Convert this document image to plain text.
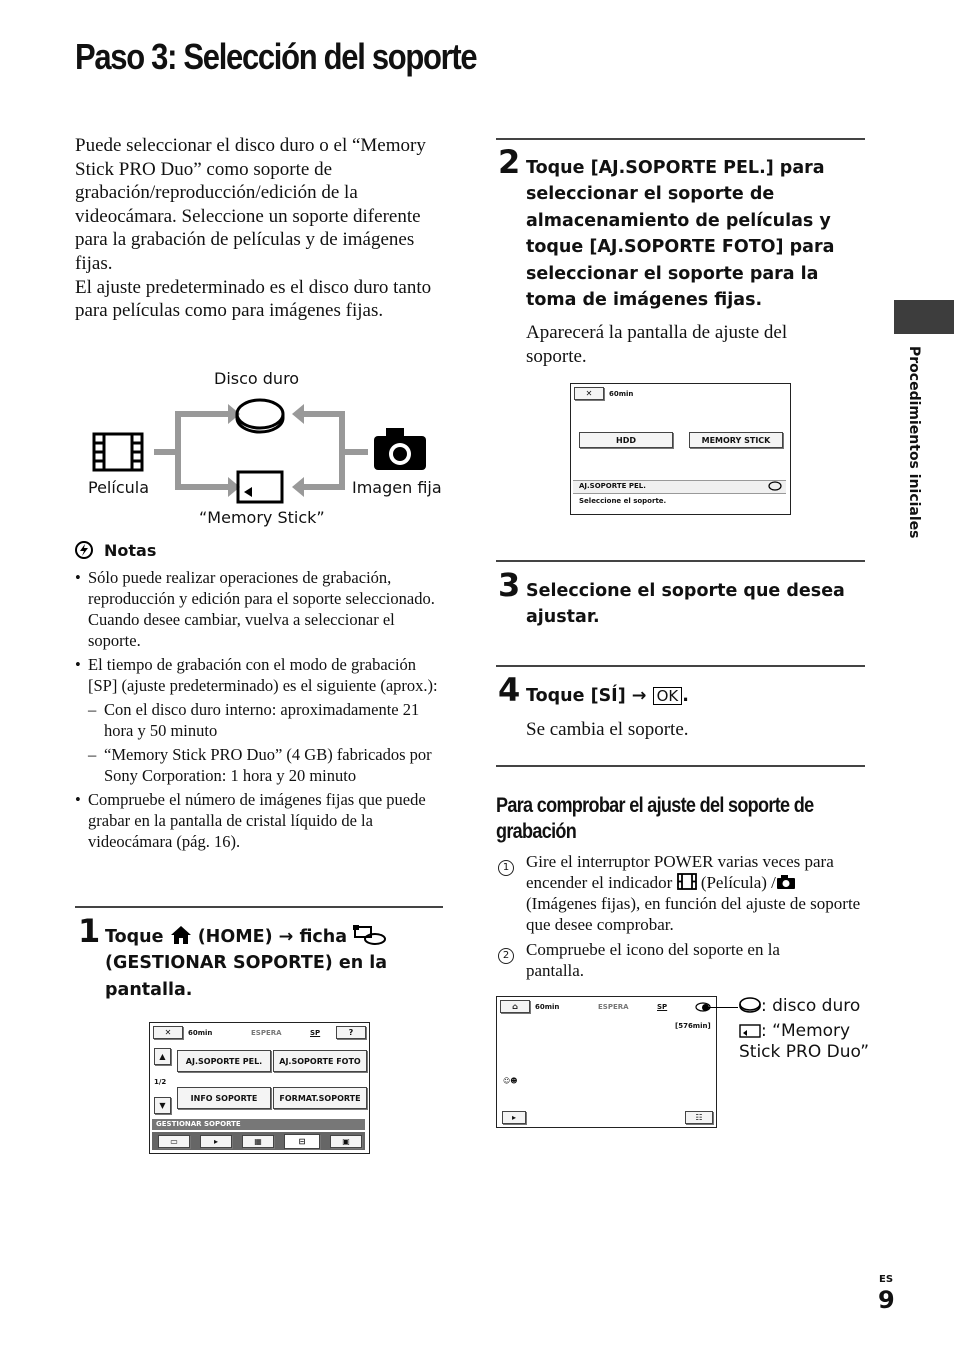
Paso 3: Selección del soporte

Puede seleccionar el disco duro o el “Memory Stick PRO Duo” como soporte de grabación/reproducción/edición de la videocámara. Seleccione un soporte diferente para la grabación de películas y de imágenes fijas.

El ajuste predeterminado es el disco duro tanto para películas como para imágenes fijas.

Disco duro
Película	Imagen fija
“Memory Stick”
Notas
• Sólo puede realizar operaciones de grabación, reproducción y edición para el soporte seleccionado. Cuando desee cambiar, vuelva a seleccionar el soporte.
• El tiempo de grabación con el modo de grabación [SP] (ajuste predeterminado) es el siguiente (aprox.):
– Con el disco duro interno: aproximadamente 21 hora y 50 minuto
– “Memory Stick PRO Duo” (4 GB) fabricados por Sony Corporation: 1 hora y 20 minuto
• Compruebe el número de imágenes fijas que puede grabar en la pantalla de cristal líquido de la videocámara (pág. 16).
1 Toque (HOME) → ficha  (GESTIONAR SOPORTE) en la pantalla.
✕ 60min	ESPERA	SP	?
▲
1/2
▼
AJ.SOPORTE PEL.	AJ.SOPORTE FOTO
INFO SOPORTE	FORMAT.SOPORTE
GESTIONAR SOPORTE
▭	▸	▦	⊟	▣
2 Toque [AJ.SOPORTE PEL.] para seleccionar el soporte de almacenamiento de películas y toque [AJ.SOPORTE FOTO] para seleccionar el soporte para la toma de imágenes fijas.
Aparecerá la pantalla de ajuste del soporte.
✕ 60min
HDD	MEMORY STICK
AJ.SOPORTE PEL.
Seleccione el soporte.
3 Seleccione el soporte que desea ajustar.
4 Toque [SÍ] → OK .
Se cambia el soporte.
Para comprobar el ajuste del soporte de grabación
1 Gire el interruptor POWER varias veces para encender el indicador (Película) / (Imágenes fijas), en función del ajuste de soporte que desee comprobar.
2 Compruebe el icono del soporte en la pantalla.
⌂ 60min	ESPERA	SP
[576min]
☺☻
▸	☷
: disco duro
: “Memory Stick PRO Duo”
Procedimientos iniciales
ES
9
